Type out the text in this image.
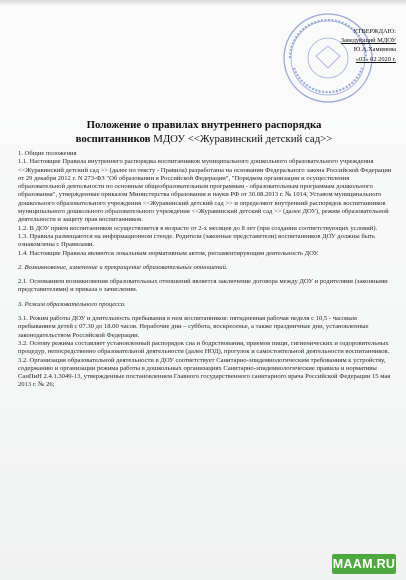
УТВЕРЖДАЮ:
Заведующий МДОУ
Ю.А.Хамимова
«03» 02 2020 г.
Положение о правилах внутреннего распорядка
воспитанников МДОУ <<Журавинский детский сад>>

1. Общие положения

1.1. Настоящие Правила внутреннего распорядка воспитанников муниципального дошкольного образовательного учреждения <<Журавинский детский сад >> (далее по тексту - Правила) разработаны на основании Федерального закона Российской Федерации от 29 декабря 2012 г. N 273-ФЗ "Об образовании в Российской Федерации", "Порядком организации и осуществления образовательной деятельности по основным общеобразовательным программам - образовательным программам дошкольного образования", утвержденные приказом Министерства образования и науки РФ от 30.08.2013 г. № 1014, Уставом муниципального дошкольного образовательного учреждения <<Журавинский детский сад >> и определяют внутренний распорядок воспитанников муниципального дошкольного образовательного учреждения <<Журавинский детский сад >> (далее ДОУ), режим образовательной деятельности и защиту прав воспитанников.

1.2. В ДОУ прием воспитанников осуществляется в возрасте от 2-х месяцев до 8 лет (при создании соответствующих условий).

1.3. Правила размещаются на информационном стенде. Родители (законные представители) воспитанников ДОУ должны быть ознакомлены с Правилами.

1.4. Настоящие Правила являются локальным нормативным актом, регламентирующим деятельность ДОУ.

2. Возникновение, изменение и прекращение образовательных отношений.

2.1. Основанием возникновения образовательных отношений является заключение договора между ДОУ и родителями (законными представителями) и приказа о зачислении.

3. Режим образовательного процесса.

3.1. Режим работы ДОУ и длительность пребывания в нем воспитанников: пятидневная рабочая неделя с 10,5 - часовым пребыванием детей с 07.30 до 18.00 часов. Нерабочие дни – суббота, воскресенье, а также праздничные дни, установленные законодательством Российской Федерации.

3.2. Основу режима составляет установленный распорядок сна и бодрствования, приемов пищи, гигиенических и оздоровительных процедур, непосредственно образовательной деятельности (далее НОД), прогулок и самостоятельной деятельности воспитанников.

3.2. Организация образовательной деятельности в ДОУ соответствует Санитарно-эпидемиологическим требованиям к устройству, содержанию и организации режима работы в дошкольных организациях Санитарно-эпидемиологические правила и нормативы СанПиН 2.4.1.3049-13, утвержденные постановлением Главного государственного санитарного врача Российской Федерации 15 мая 2013 г. № 26;

MAAM.RU
